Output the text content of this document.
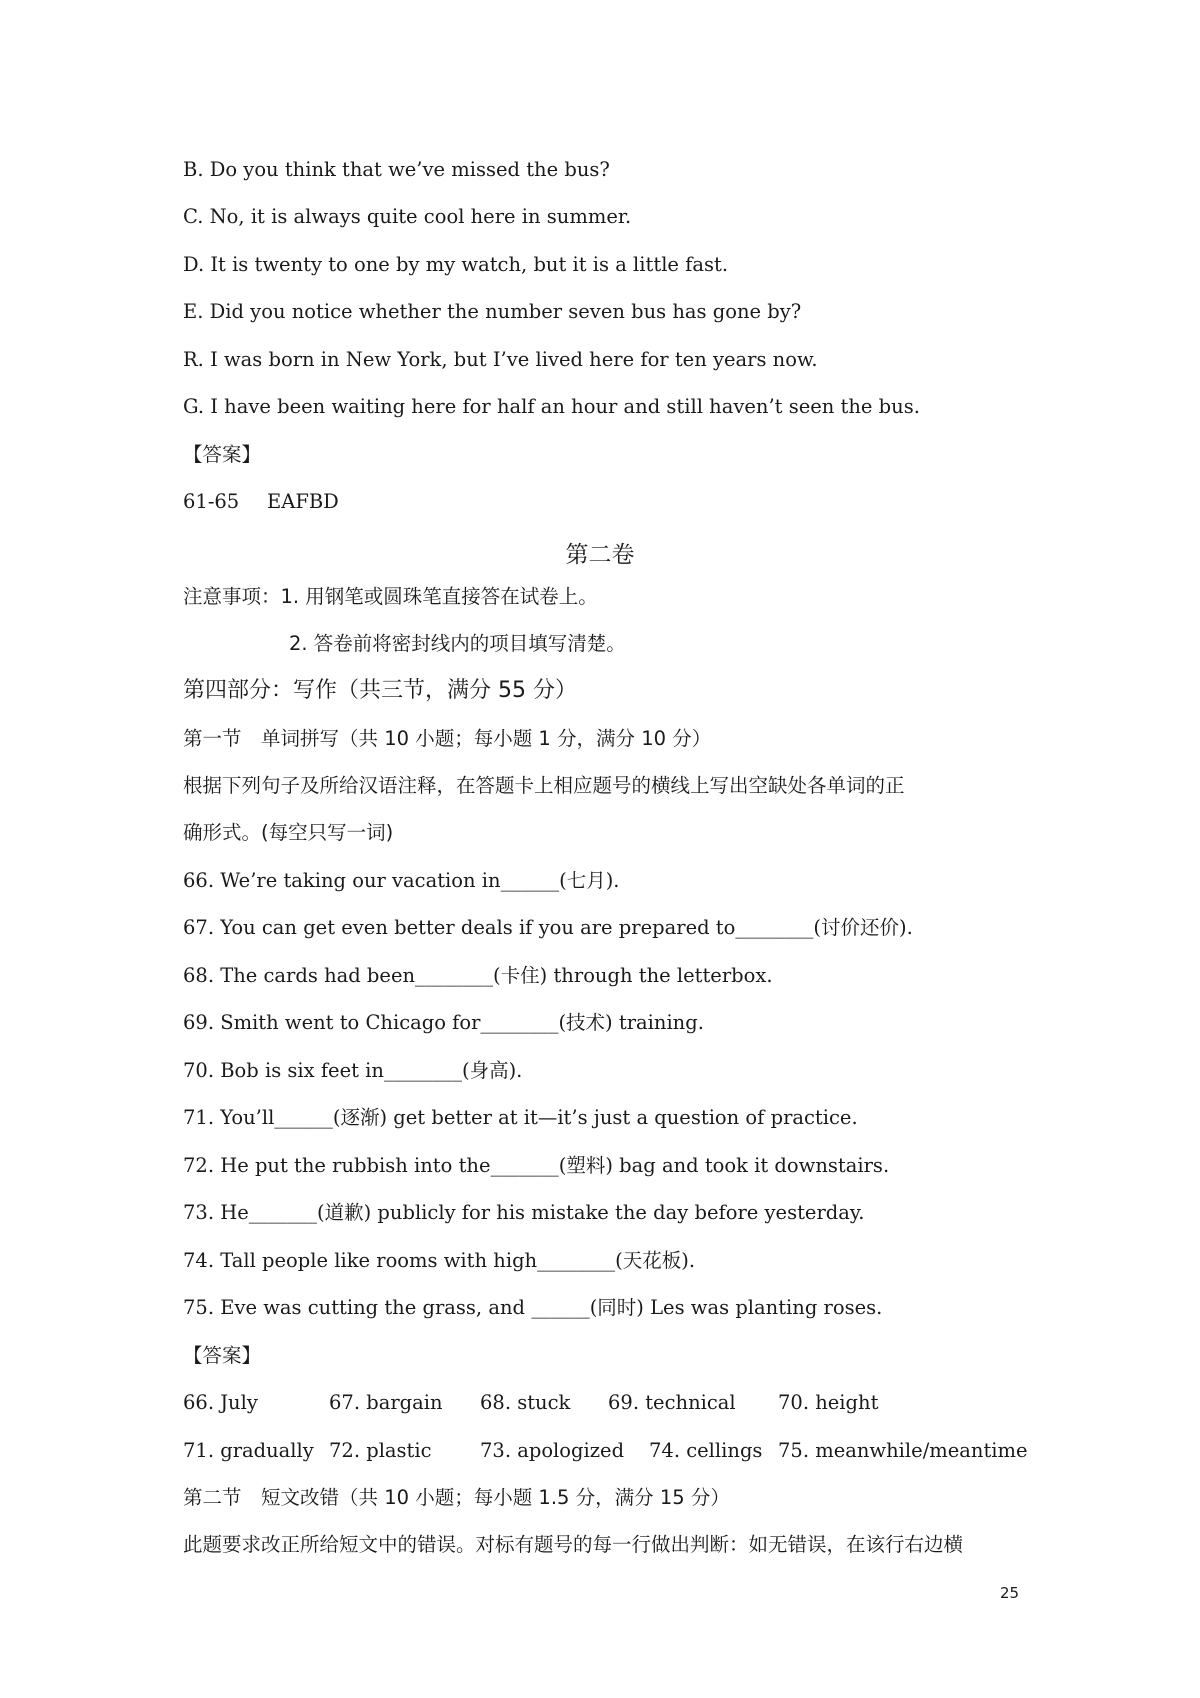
B. Do you think that we’ve missed the bus?
C. No, it is always quite cool here in summer.
D. It is twenty to one by my watch, but it is a little fast.
E. Did you notice whether the number seven bus has gone by?
R. I was born in New York, but I’ve lived here for ten years now.
G. I have been waiting here for half an hour and still haven’t seen the bus.
【答案】
61-65 EAFBD
第二卷
注意事项：1. 用钢笔或圆珠笔直接答在试卷上。
2. 答卷前将密封线内的项目填写清楚。
第四部分：写作（共三节，满分 55 分）
第一节　单词拼写（共 10 小题；每小题 1 分，满分 10 分）
根据下列句子及所给汉语注释，在答题卡上相应题号的横线上写出空缺处各单词的正
确形式。(每空只写一词)
66. We’re taking our vacation in______(七月).
67. You can get even better deals if you are prepared to________(讨价还价).
68. The cards had been________(卡住) through the letterbox.
69. Smith went to Chicago for________(技术) training.
70. Bob is six feet in________(身高).
71. You’ll______(逐渐) get better at it—it’s just a question of practice.
72. He put the rubbish into the_______(塑料) bag and took it downstairs.
73. He_______(道歉) publicly for his mistake the day before yesterday.
74. Tall people like rooms with high________(天花板).
75. Eve was cutting the grass, and ______(同时) Les was planting roses.
【答案】
66. July	67. bargain 68. stuck 69. technical 70. height
71. gradually 72. plastic 73. apologized 74. cellings 75. meanwhile/meantime
第二节　短文改错（共 10 小题；每小题 1.5 分，满分 15 分）
此题要求改正所给短文中的错误。对标有题号的每一行做出判断：如无错误，在该行右边横
25
